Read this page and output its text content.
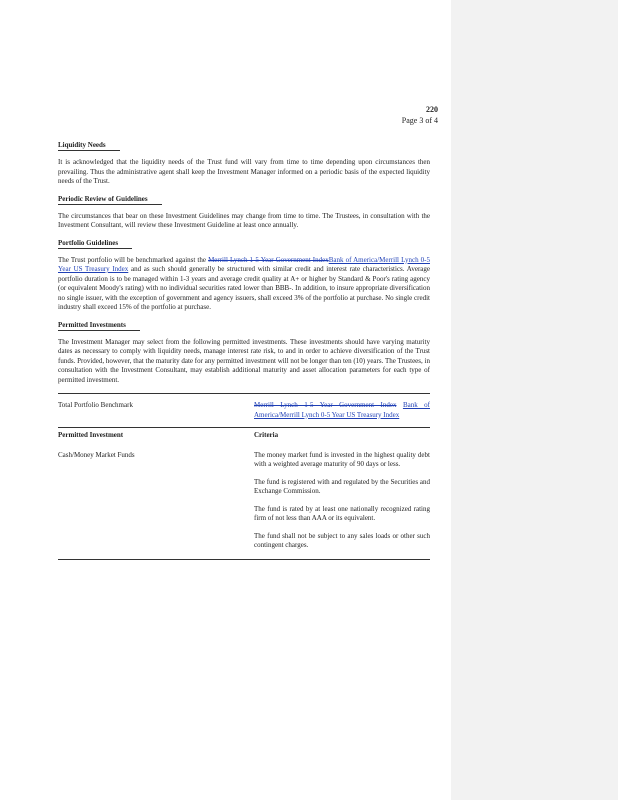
220
Page 3 of 4
Liquidity Needs

It is acknowledged that the liquidity needs of the Trust fund will vary from time to time depending upon circumstances then prevailing. Thus the administrative agent shall keep the Investment Manager informed on a periodic basis of the expected liquidity needs of the Trust.

Periodic Review of Guidelines

The circumstances that bear on these Investment Guidelines may change from time to time. The Trustees, in consultation with the Investment Consultant, will review these Investment Guideline at least once annually.

Portfolio Guidelines

The Trust portfolio will be benchmarked against the Merrill Lynch 1-5 Year Government IndexBank of America/Merrill Lynch 0-5 Year US Treasury Index and as such should generally be structured with similar credit and interest rate characteristics. Average portfolio duration is to be managed within 1-3 years and average credit quality at A+ or higher by Standard & Poor's rating agency (or equivalent Moody's rating) with no individual securities rated lower than BBB-. In addition, to insure appropriate diversification no single issuer, with the exception of government and agency issuers, shall exceed 3% of the portfolio at purchase. No single credit industry shall exceed 15% of the portfolio at purchase.

Permitted Investments

The Investment Manager may select from the following permitted investments. These investments should have varying maturity dates as necessary to comply with liquidity needs, manage interest rate risk, to and in order to achieve diversification of the Trust funds. Provided, however, that the maturity date for any permitted investment will not be longer than ten (10) years. The Trustees, in consultation with the Investment Consultant, may establish additional maturity and asset allocation parameters for each type of permitted investment.

Total Portfolio Benchmark	Merrill Lynch 1-5 Year Government Index Bank of America/Merrill Lynch 0-5 Year US Treasury Index
Permitted Investment	Criteria
Cash/Money Market Funds	The money market fund is invested in the highest quality debt with a weighted average maturity of 90 days or less.

The fund is registered with and regulated by the Securities and Exchange Commission.

The fund is rated by at least one nationally recognized rating firm of not less than AAA or its equivalent.

The fund shall not be subject to any sales loads or other such contingent charges.
